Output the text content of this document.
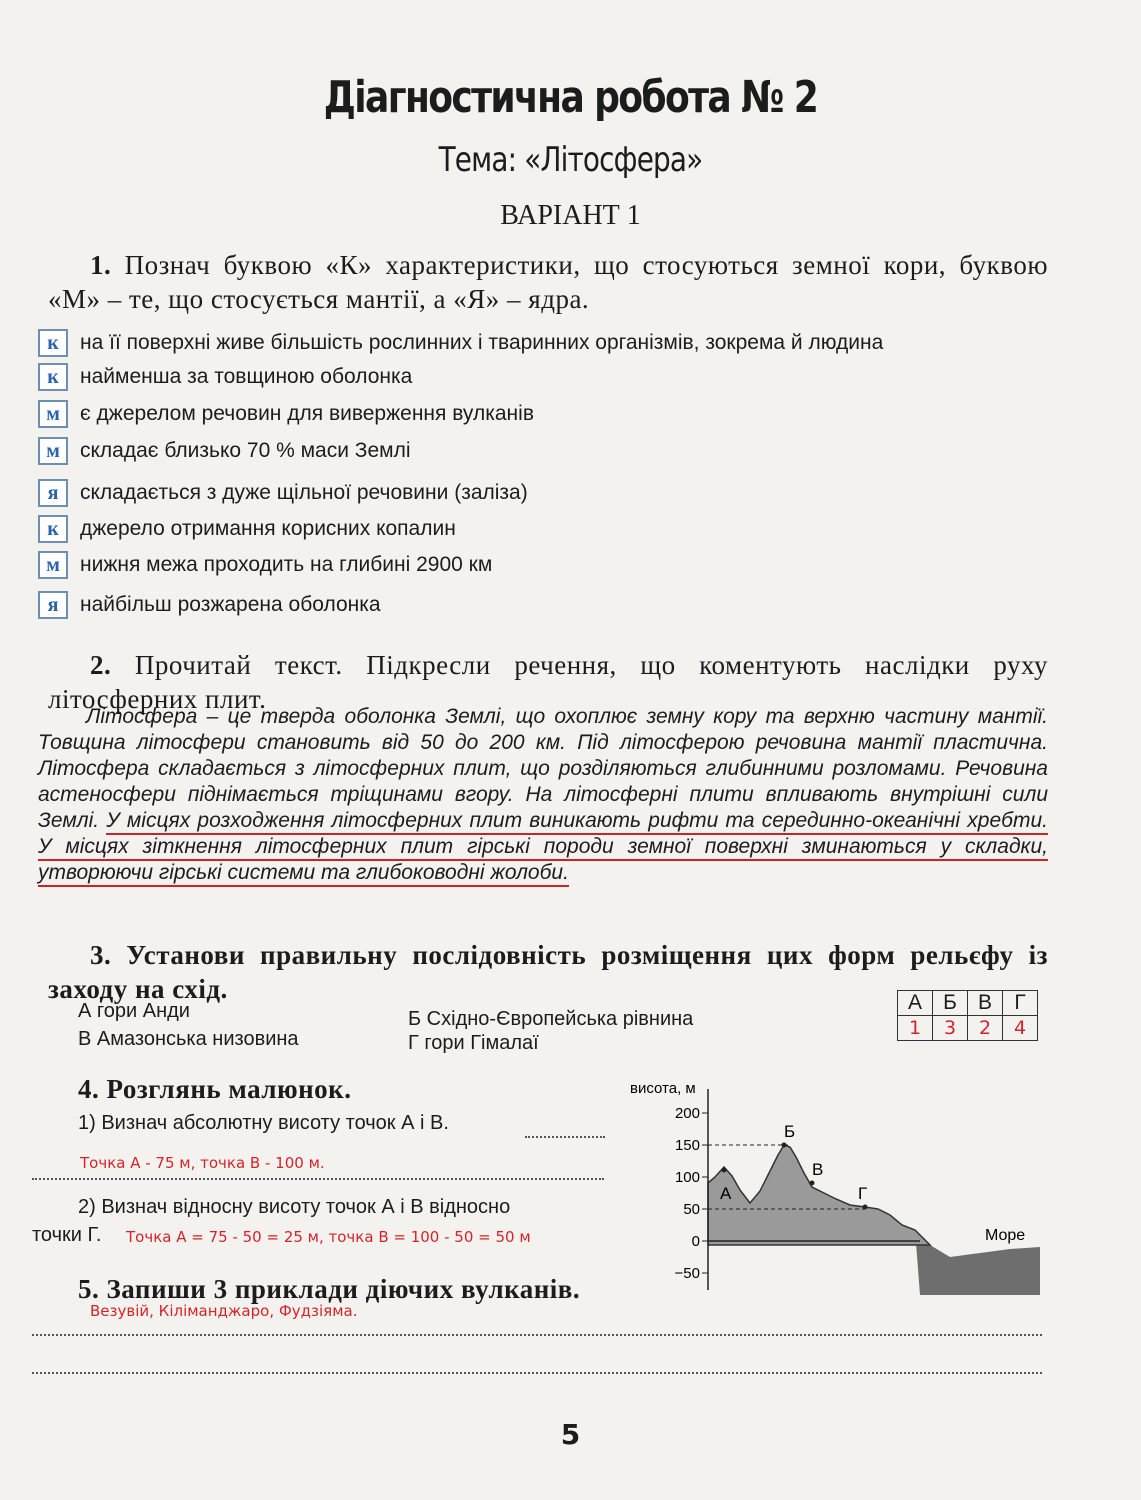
Діагностична робота № 2
Тема: «Літосфера»
ВАРІАНТ 1
1. Познач буквою «К» характеристики, що стосуються земної кори, буквою «М» – те, що стосується мантії, а «Я» – ядра.
к	на її поверхні живе більшість рослинних і тваринних організмів, зокрема й людина
к	найменша за товщиною оболонка
м є джерелом речовин для виверження вулканів
м складає близько 70 % маси Землі
я	складається з дуже щільної речовини (заліза)
к	джерело отримання корисних копалин
м нижня межа проходить на глибині 2900 км
я	найбільш розжарена оболонка
2. Прочитай текст. Підкресли речення, що коментують наслідки руху літосферних плит.
Літосфера – це тверда оболонка Землі, що охоплює земну кору та верхню частину мантії. Товщина літосфери становить від 50 до 200 км. Під літосферою речовина мантії пластична. Літосфера складається з літосферних плит, що розділяються глибинними розломами. Речовина астеносфери піднімається тріщинами вгору. На літосферні плити впливають внутрішні сили Землі. У місцях розходження літосферних плит виникають рифти та серединно-океанічні хребти. У місцях зіткнення літосферних плит гірські породи земної поверхні зминаються у складки, утворюючи гірські системи та глибоководні жолоби.
3. Установи правильну послідовність розміщення цих форм рельєфу із заходу на схід.
А гори Анди	Б Східно-Європейська рівнина
В Амазонська низовина	Г гори Гімалаї
А	Б	В	Г
1	3	2	4
4. Розглянь малюнок.
1) Визнач абсолютну висоту точок А і В.
Точка А - 75 м, точка В - 100 м.
2) Визнач відносну висоту точок А і В відносно
точки Г. Точка А = 75 - 50 = 25 м, точка В = 100 - 50 = 50 м
200
150
100
50
0
−50
висота, м
А
Б
В
Г
Море
5. Запиши 3 приклади діючих вулканів.
Везувій, Кіліманджаро, Фудзіяма.
5
